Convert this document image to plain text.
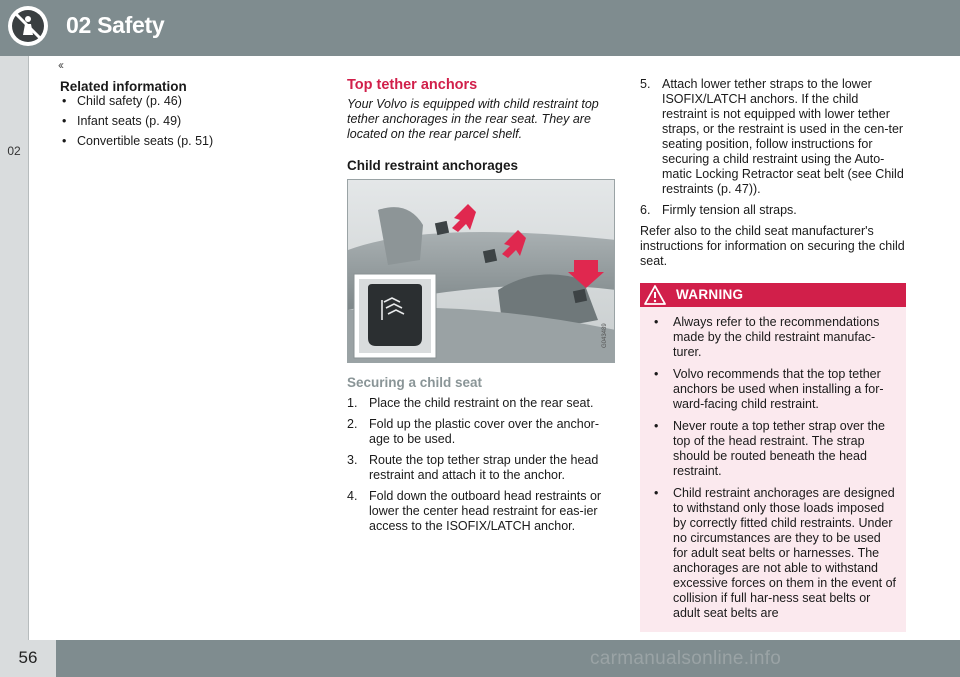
02 Safety
02
‹‹
Related information
• Child safety (p. 46)
• Infant seats (p. 49)
• Convertible seats (p. 51)
Top tether anchors
Your Volvo is equipped with child restraint top tether anchorages in the rear seat. They are located on the rear parcel shelf.
Child restraint anchorages
G043489
Securing a child seat
1. Place the child restraint on the rear seat.
2. Fold up the plastic cover over the anchor-age to be used.
3. Route the top tether strap under the head restraint and attach it to the anchor.
4. Fold down the outboard head restraints or lower the center head restraint for eas-ier access to the ISOFIX/LATCH anchor.
5. Attach lower tether straps to the lower ISOFIX/LATCH anchors. If the child restraint is not equipped with lower tether straps, or the restraint is used in the cen-ter seating position, follow instructions for securing a child restraint using the Auto-matic Locking Retractor seat belt (see Child restraints (p. 47)).
6. Firmly tension all straps.

Refer also to the child seat manufacturer's instructions for information on securing the child seat.

WARNING
• Always refer to the recommendations made by the child restraint manufac-turer.
• Volvo recommends that the top tether anchors be used when installing a for-ward-facing child restraint.
• Never route a top tether strap over the top of the head restraint. The strap should be routed beneath the head restraint.
• Child restraint anchorages are designed to withstand only those loads imposed by correctly fitted child restraints. Under no circumstances are they to be used for adult seat belts or harnesses. The anchorages are not able to withstand excessive forces on them in the event of collision if full har-ness seat belts or adult seat belts are
56	carmanualsonline.info
